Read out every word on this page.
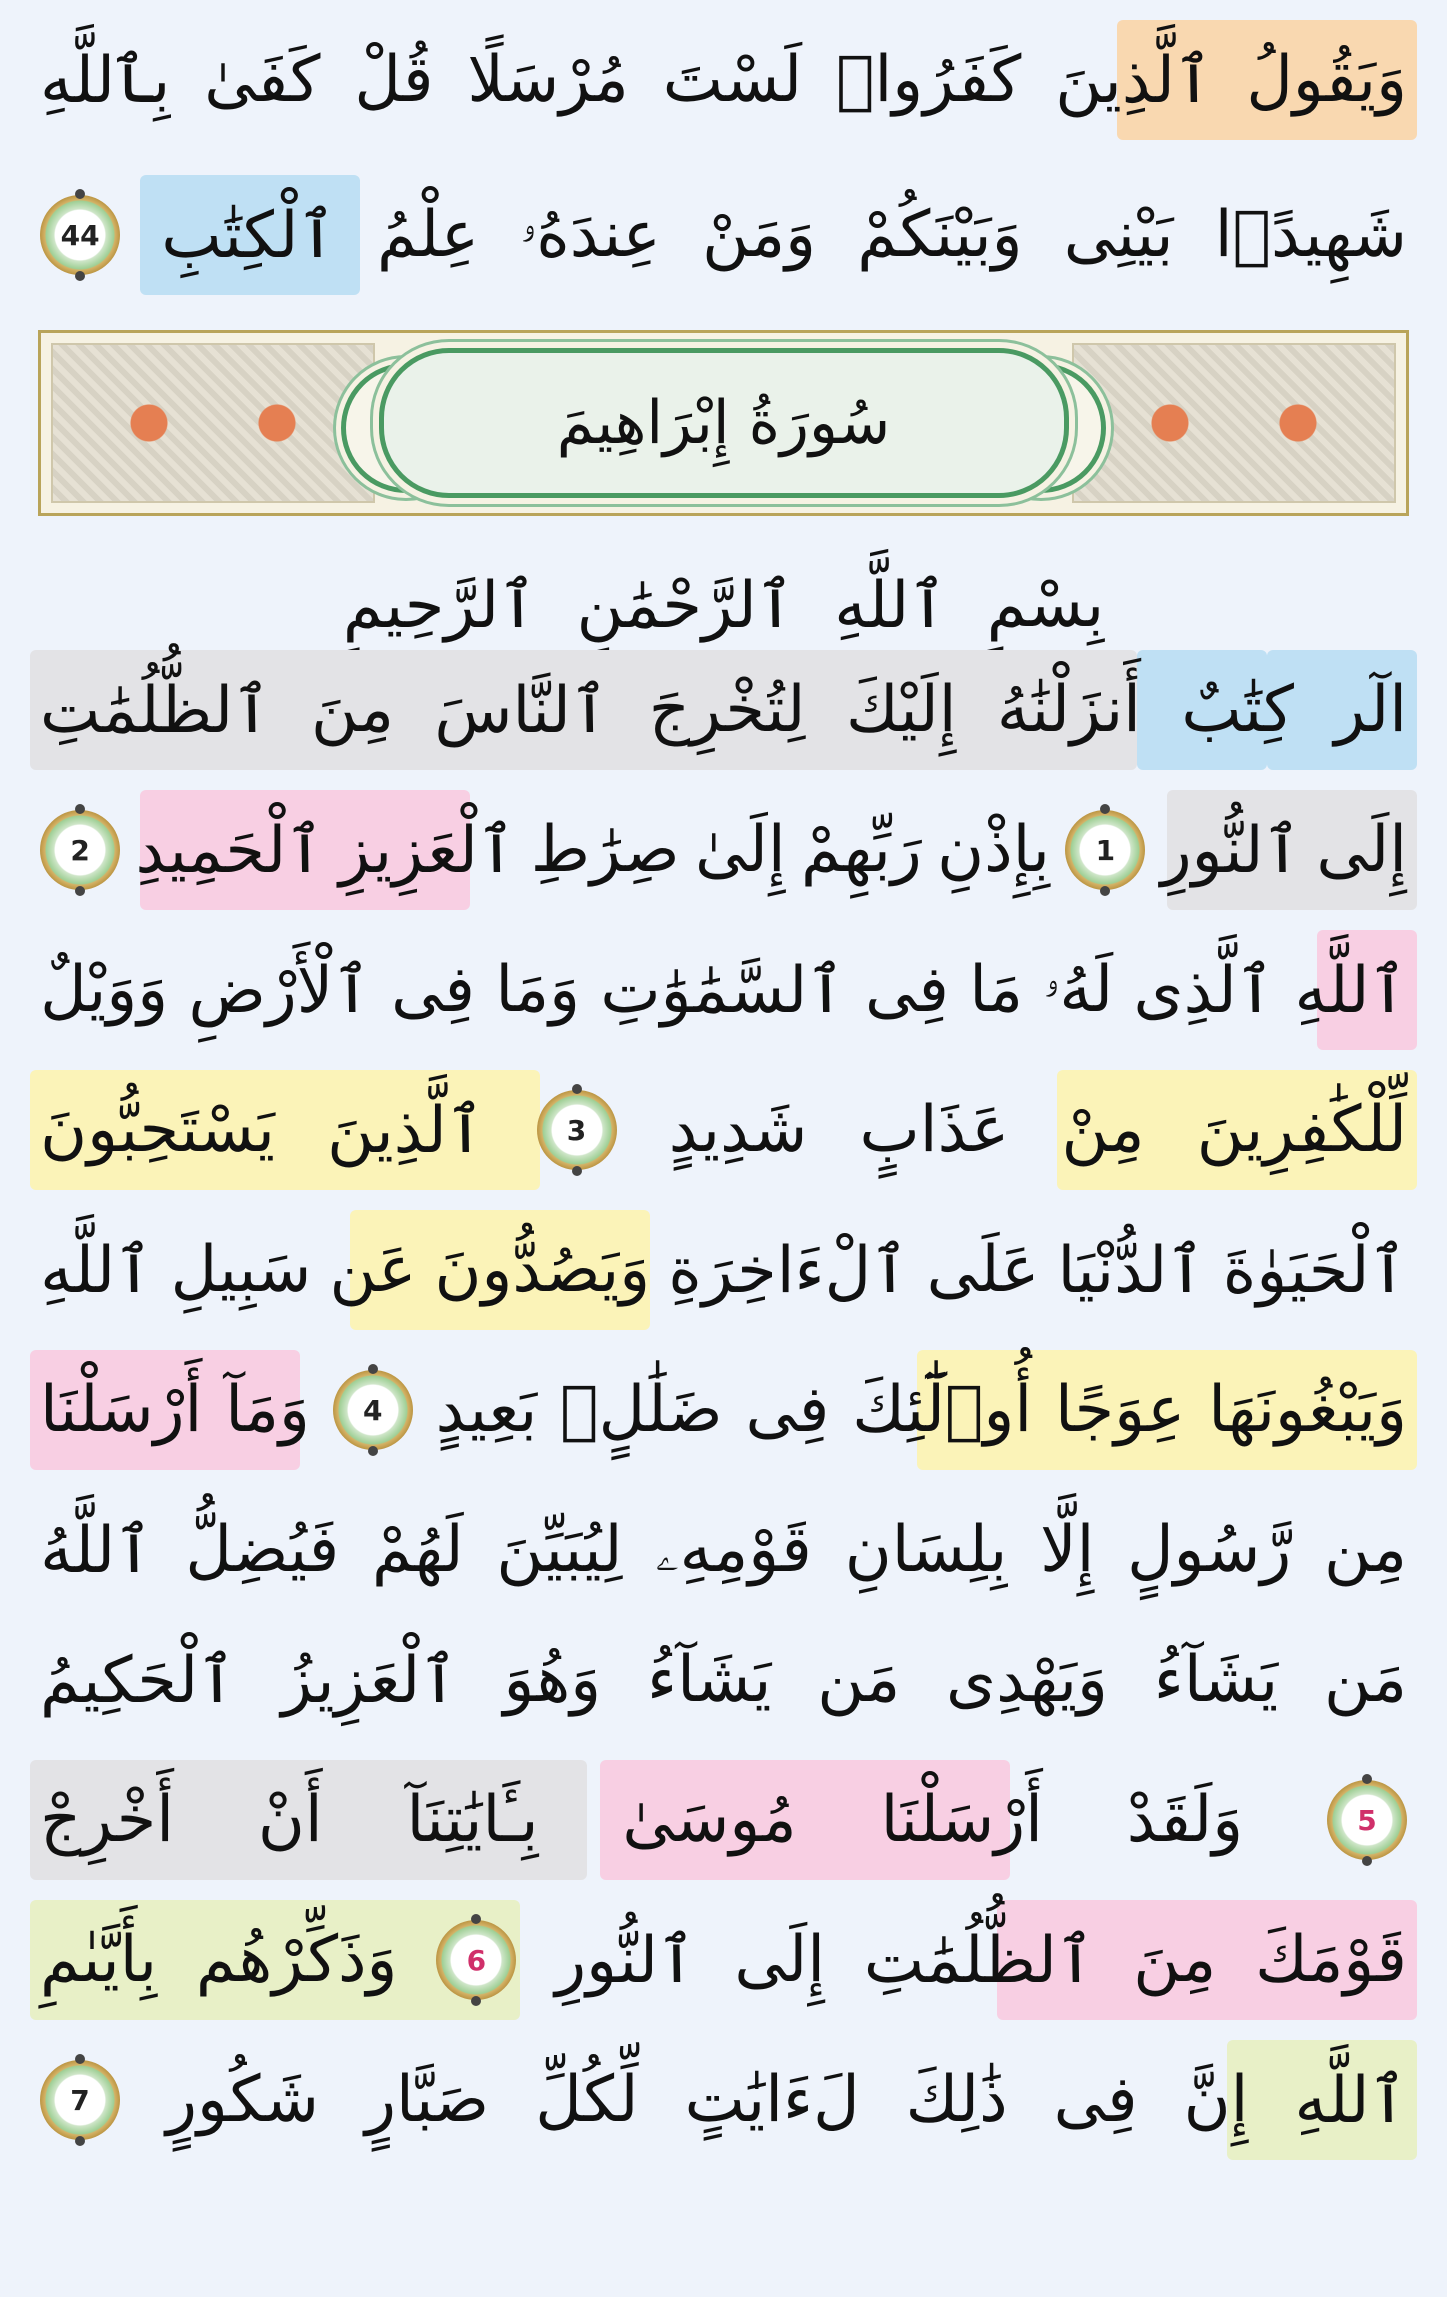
وَيَقُولُ
ٱلَّذِينَ
كَفَرُوا۟
لَسْتَ
مُرْسَلًا
قُلْ
كَفَىٰ
بِٱللَّهِ
شَهِيدًۢا
بَيْنِى
وَبَيْنَكُمْ
وَمَنْ
عِندَهُۥ
عِلْمُ
ٱلْكِتَٰبِ
44
سُورَةُ إِبْرَاهِيمَ
بِسْمِ
ٱللَّهِ
ٱلرَّحْمَٰنِ
ٱلرَّحِيمِ
الٓر
كِتَٰبٌ
أَنزَلْنَٰهُ
إِلَيْكَ
لِتُخْرِجَ
ٱلنَّاسَ
مِنَ
ٱلظُّلُمَٰتِ
إِلَى
ٱلنُّورِ
1
بِإِذْنِ
رَبِّهِمْ
إِلَىٰ
صِرَٰطِ
ٱلْعَزِيزِ
ٱلْحَمِيدِ
2
ٱللَّهِ
ٱلَّذِى
لَهُۥ
مَا
فِى
ٱلسَّمَٰوَٰتِ
وَمَا
فِى
ٱلْأَرْضِ
وَوَيْلٌ
لِّلْكَٰفِرِينَ
مِنْ
عَذَابٍ
شَدِيدٍ
3
ٱلَّذِينَ
يَسْتَحِبُّونَ
ٱلْحَيَوٰةَ
ٱلدُّنْيَا
عَلَى
ٱلْءَاخِرَةِ
وَيَصُدُّونَ
عَن
سَبِيلِ
ٱللَّهِ
وَيَبْغُونَهَا
عِوَجًا
أُو۟لَٰٓئِكَ
فِى
ضَلَٰلٍۭ
بَعِيدٍ
4
وَمَآ
أَرْسَلْنَا
مِن
رَّسُولٍ
إِلَّا
بِلِسَانِ
قَوْمِهِۦ
لِيُبَيِّنَ
لَهُمْ
فَيُضِلُّ
ٱللَّهُ
مَن
يَشَآءُ
وَيَهْدِى
مَن
يَشَآءُ
وَهُوَ
ٱلْعَزِيزُ
ٱلْحَكِيمُ
5
وَلَقَدْ
أَرْسَلْنَا
مُوسَىٰ
بِـَٔايَٰتِنَآ
أَنْ
أَخْرِجْ
قَوْمَكَ
مِنَ
ٱلظُّلُمَٰتِ
إِلَى
ٱلنُّورِ
6
وَذَكِّرْهُم
بِأَيَّىٰمِ
ٱللَّهِ
إِنَّ
فِى
ذَٰلِكَ
لَءَايَٰتٍ
لِّكُلِّ
صَبَّارٍ
شَكُورٍ
7
